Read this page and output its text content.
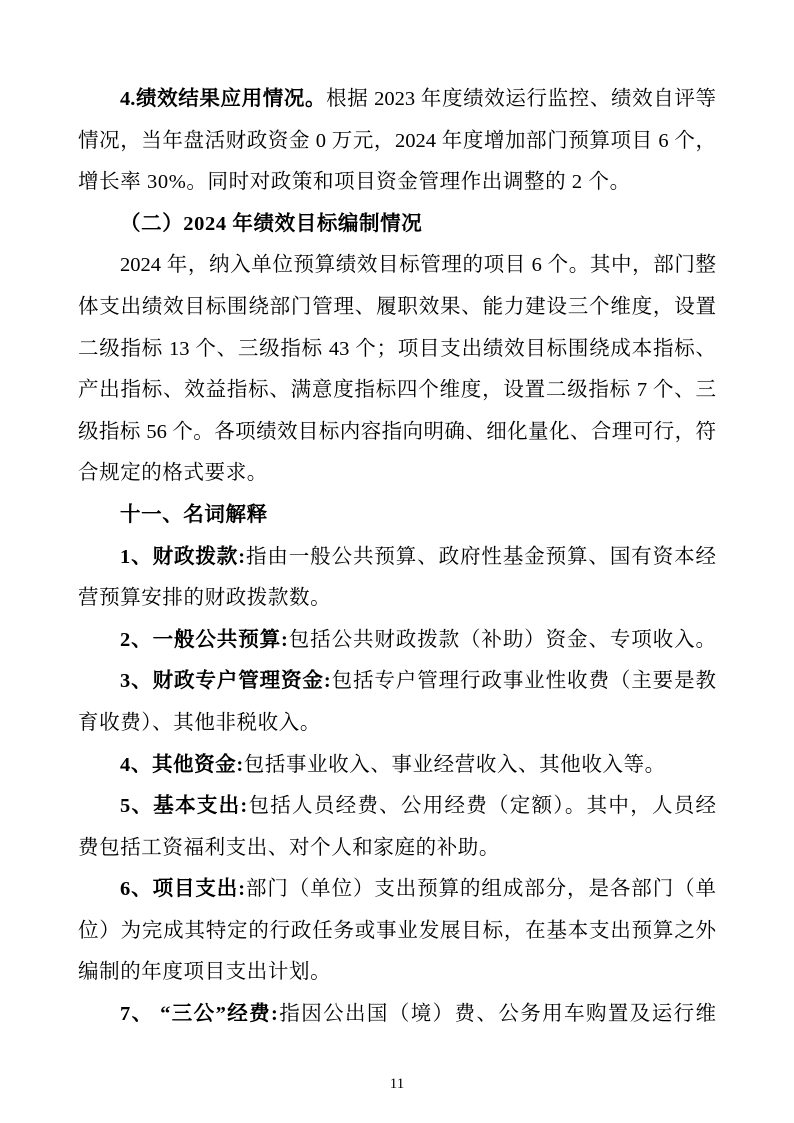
4.绩效结果应用情况。根据 2023 年度绩效运行监控、绩效自评等
情况，当年盘活财政资金 0 万元，2024 年度增加部门预算项目 6 个，
增长率 30%。同时对政策和项目资金管理作出调整的 2 个。
（二）2024 年绩效目标编制情况
2024 年，纳入单位预算绩效目标管理的项目 6 个。其中，部门整
体支出绩效目标围绕部门管理、履职效果、能力建设三个维度，设置
二级指标 13 个、三级指标 43 个；项目支出绩效目标围绕成本指标、
产出指标、效益指标、满意度指标四个维度，设置二级指标 7 个、三
级指标 56 个。各项绩效目标内容指向明确、细化量化、合理可行，符
合规定的格式要求。
十一、名词解释
1、财政拨款:指由一般公共预算、政府性基金预算、国有资本经
营预算安排的财政拨款数。
2、一般公共预算:包括公共财政拨款（补助）资金、专项收入。
3、财政专户管理资金:包括专户管理行政事业性收费（主要是教
育收费）、其他非税收入。
4、其他资金:包括事业收入、事业经营收入、其他收入等。
5、基本支出:包括人员经费、公用经费（定额）。其中，人员经
费包括工资福利支出、对个人和家庭的补助。
6、项目支出:部门（单位）支出预算的组成部分，是各部门（单
位）为完成其特定的行政任务或事业发展目标，在基本支出预算之外
编制的年度项目支出计划。
7、 “三公”经费:指因公出国（境）费、公务用车购置及运行维
11
